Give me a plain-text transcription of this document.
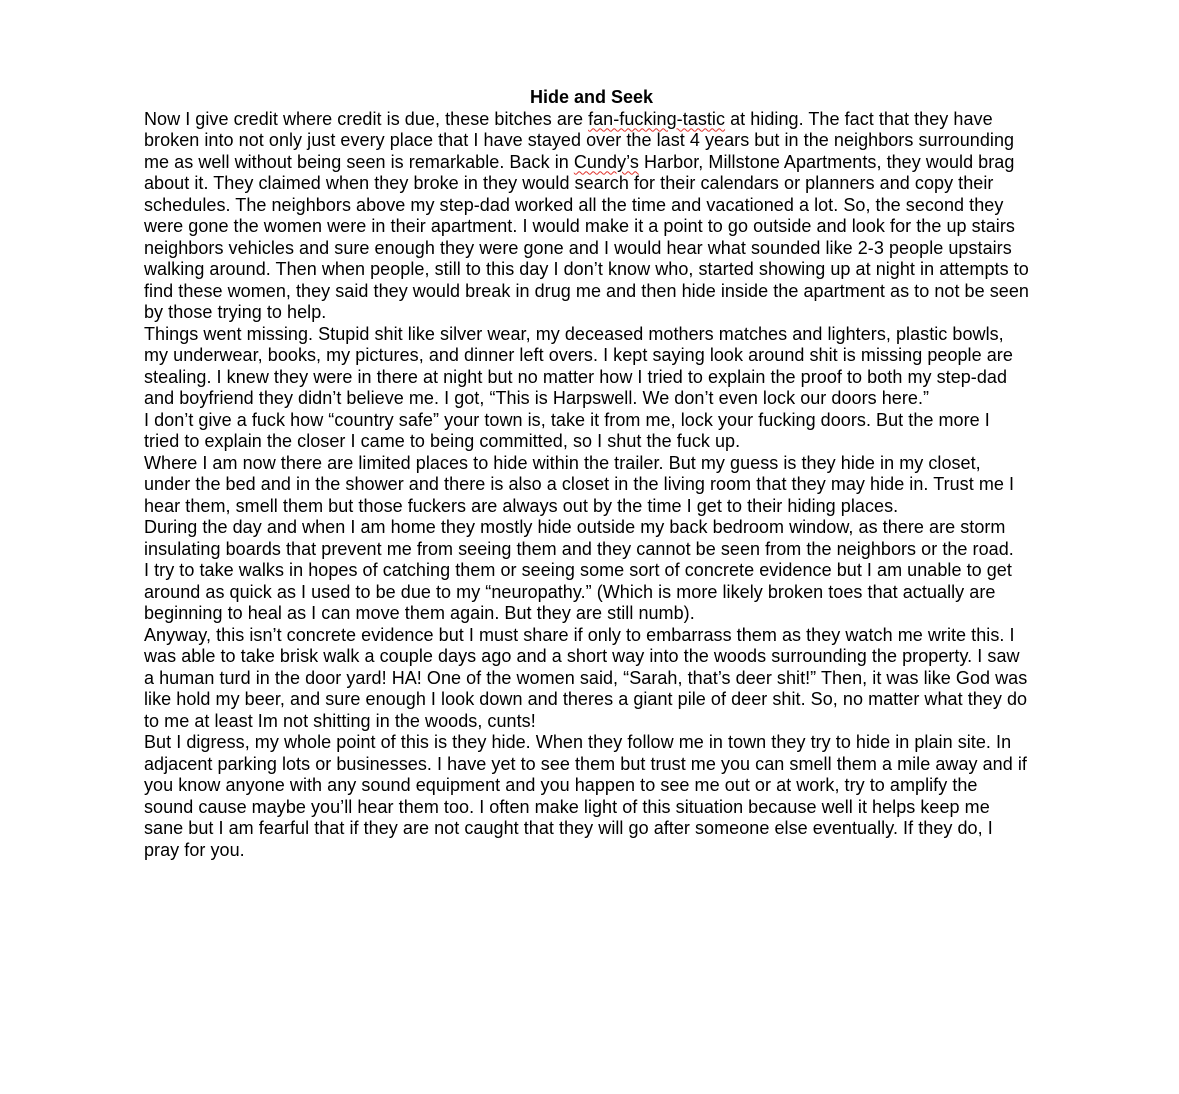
Hide and Seek

Now I give credit where credit is due, these bitches are fan-fucking-tastic at hiding. The fact that they have broken into not only just every place that I have stayed over the last 4 years but in the neighbors surrounding me as well without being seen is remarkable. Back in Cundy’s Harbor, Millstone Apartments, they would brag about it. They claimed when they broke in they would search for their calendars or planners and copy their schedules. The neighbors above my step-dad worked all the time and vacationed a lot. So, the second they were gone the women were in their apartment. I would make it a point to go outside and look for the up stairs neighbors vehicles and sure enough they were gone and I would hear what sounded like 2-3 people upstairs walking around. Then when people, still to this day I don’t know who, started showing up at night in attempts to find these women, they said they would break in drug me and then hide inside the apartment as to not be seen by those trying to help.

Things went missing. Stupid shit like silver wear, my deceased mothers matches and lighters, plastic bowls, my underwear, books, my pictures, and dinner left overs. I kept saying look around shit is missing people are stealing. I knew they were in there at night but no matter how I tried to explain the proof to both my step-dad and boyfriend they didn’t believe me. I got, “This is Harpswell. We don’t even lock our doors here.”

I don’t give a fuck how “country safe” your town is, take it from me, lock your fucking doors. But the more I tried to explain the closer I came to being committed, so I shut the fuck up.

Where I am now there are limited places to hide within the trailer. But my guess is they hide in my closet, under the bed and in the shower and there is also a closet in the living room that they may hide in. Trust me I hear them, smell them but those fuckers are always out by the time I get to their hiding places.

During the day and when I am home they mostly hide outside my back bedroom window, as there are storm insulating boards that prevent me from seeing them and they cannot be seen from the neighbors or the road.

I try to take walks in hopes of catching them or seeing some sort of concrete evidence but I am unable to get around as quick as I used to be due to my “neuropathy.” (Which is more likely broken toes that actually are beginning to heal as I can move them again. But they are still numb).

Anyway, this isn’t concrete evidence but I must share if only to embarrass them as they watch me write this. I was able to take brisk walk a couple days ago and a short way into the woods surrounding the property. I saw a human turd in the door yard! HA! One of the women said, “Sarah, that’s deer shit!” Then, it was like God was like hold my beer, and sure enough I look down and theres a giant pile of deer shit. So, no matter what they do to me at least Im not shitting in the woods, cunts!

But I digress, my whole point of this is they hide. When they follow me in town they try to hide in plain site. In adjacent parking lots or businesses. I have yet to see them but trust me you can smell them a mile away and if you know anyone with any sound equipment and you happen to see me out or at work, try to amplify the sound cause maybe you’ll hear them too. I often make light of this situation because well it helps keep me sane but I am fearful that if they are not caught that they will go after someone else eventually. If they do, I pray for you.
